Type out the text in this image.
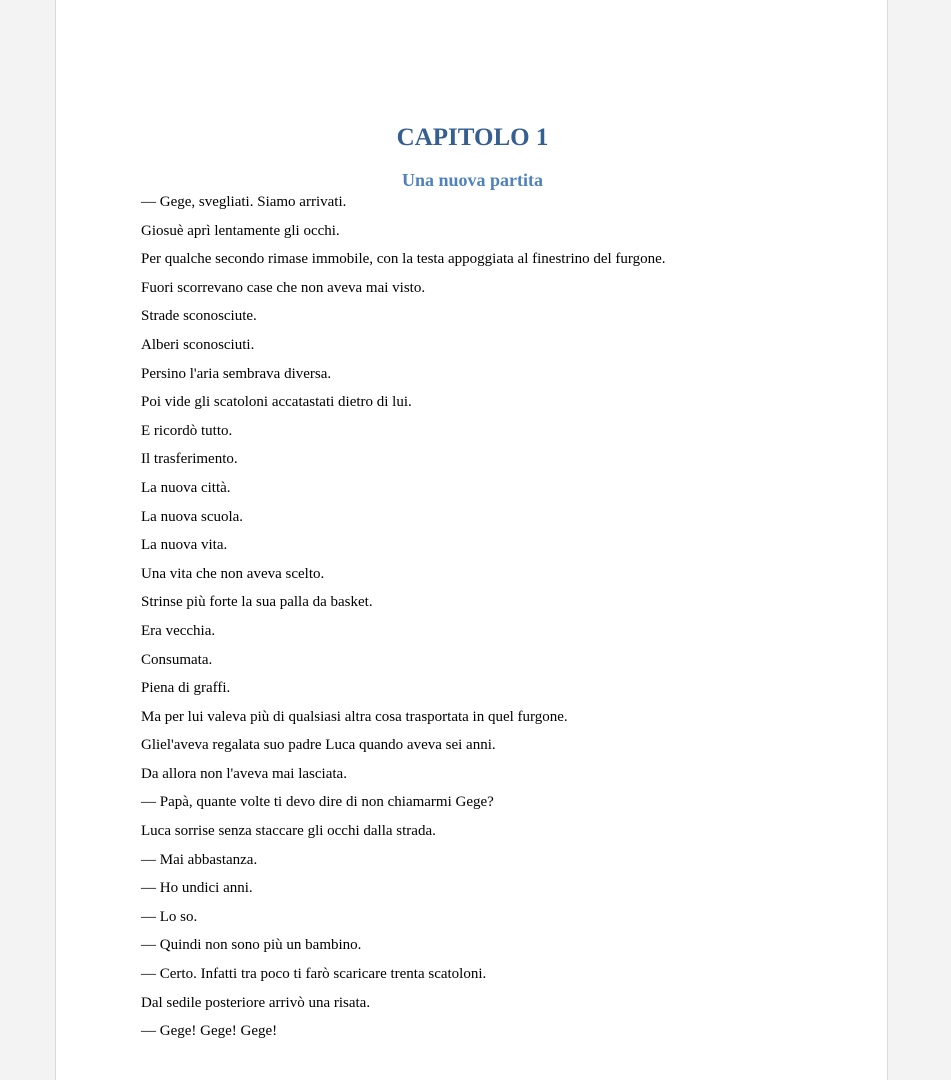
CAPITOLO 1
Una nuova partita

— Gege, svegliati. Siamo arrivati.

Giosuè aprì lentamente gli occhi.

Per qualche secondo rimase immobile, con la testa appoggiata al finestrino del furgone.

Fuori scorrevano case che non aveva mai visto.

Strade sconosciute.

Alberi sconosciuti.

Persino l'aria sembrava diversa.

Poi vide gli scatoloni accatastati dietro di lui.

E ricordò tutto.

Il trasferimento.

La nuova città.

La nuova scuola.

La nuova vita.

Una vita che non aveva scelto.

Strinse più forte la sua palla da basket.

Era vecchia.

Consumata.

Piena di graffi.

Ma per lui valeva più di qualsiasi altra cosa trasportata in quel furgone.

Gliel'aveva regalata suo padre Luca quando aveva sei anni.

Da allora non l'aveva mai lasciata.

— Papà, quante volte ti devo dire di non chiamarmi Gege?

Luca sorrise senza staccare gli occhi dalla strada.

— Mai abbastanza.

— Ho undici anni.

— Lo so.

— Quindi non sono più un bambino.

— Certo. Infatti tra poco ti farò scaricare trenta scatoloni.

Dal sedile posteriore arrivò una risata.

— Gege! Gege! Gege!
